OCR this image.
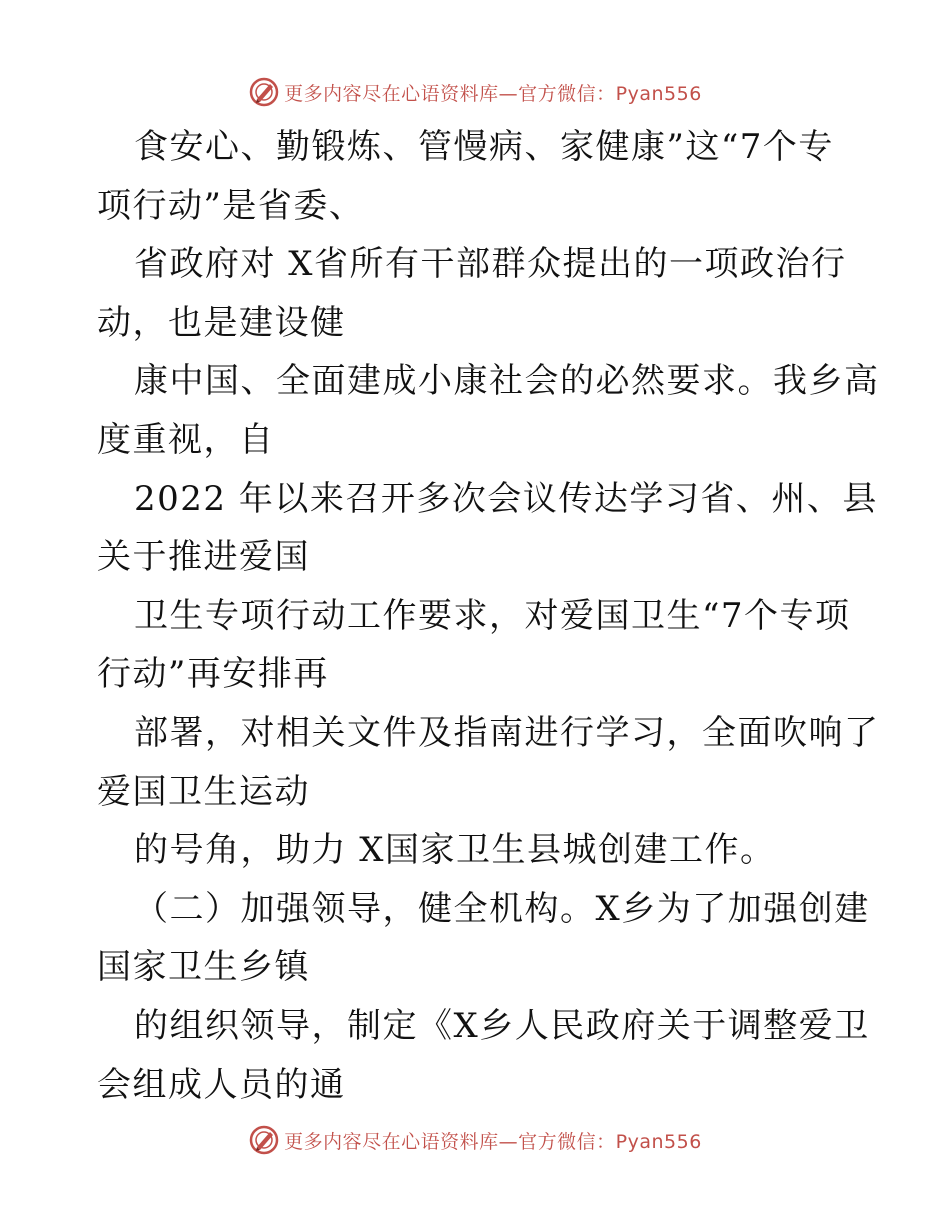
更多内容尽在心语资料库—官方微信：Pyan556
食安心、勤锻炼、管慢病、家健康”这“7个专
项行动”是省委、
省政府对 X省所有干部群众提出的一项政治行
动，也是建设健
康中国、全面建成小康社会的必然要求。我乡高
度重视，自
2022 年以来召开多次会议传达学习省、州、县
关于推进爱国
卫生专项行动工作要求，对爱国卫生“7个专项
行动”再安排再
部署，对相关文件及指南进行学习，全面吹响了
爱国卫生运动
的号角，助力 X国家卫生县城创建工作。
（二）加强领导，健全机构。X乡为了加强创建
国家卫生乡镇
的组织领导，制定《X乡人民政府关于调整爱卫
会组成人员的通
更多内容尽在心语资料库—官方微信：Pyan556
